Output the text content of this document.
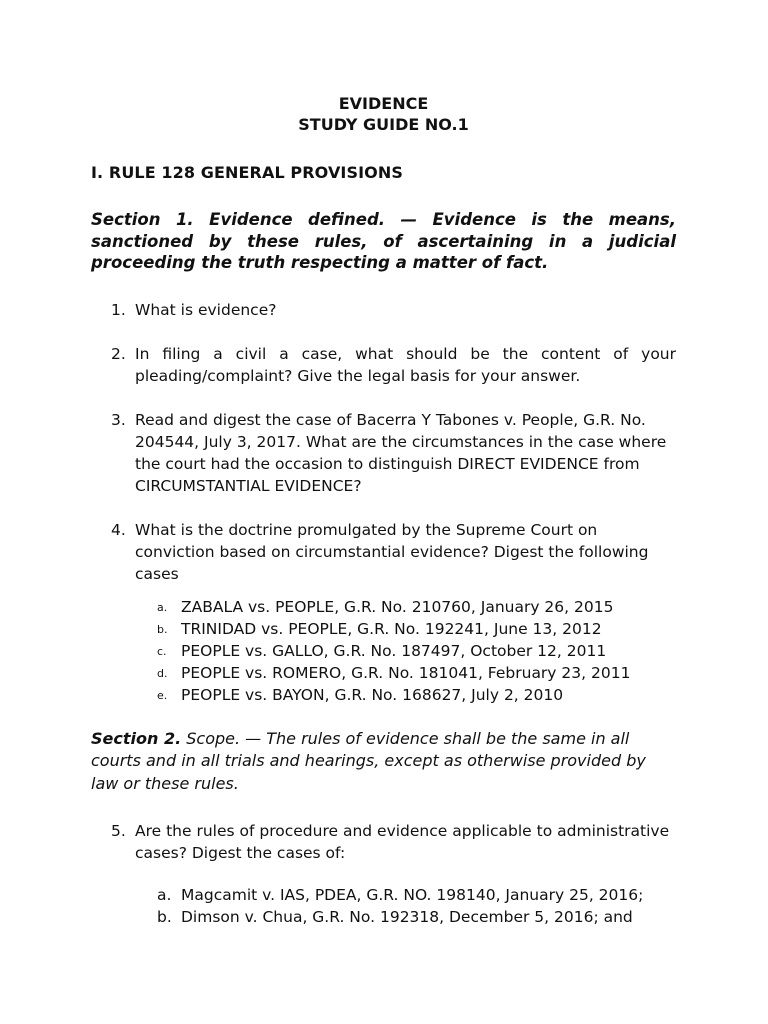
EVIDENCE

STUDY GUIDE NO.1

I. RULE 128 GENERAL PROVISIONS

Section 1. Evidence defined. — Evidence is the means, sanctioned by these rules, of ascertaining in a judicial proceeding the truth respecting a matter of fact.

1. What is evidence?
2. In filing a civil a case, what should be the content of your pleading/complaint? Give the legal basis for your answer.
3. Read and digest the case of Bacerra Y Tabones v. People, G.R. No. 204544, July 3, 2017. What are the circumstances in the case where the court had the occasion to distinguish DIRECT EVIDENCE from CIRCUMSTANTIAL EVIDENCE?
4. What is the doctrine promulgated by the Supreme Court on conviction based on circumstantial evidence? Digest the following cases
a. ZABALA vs. PEOPLE, G.R. No. 210760, January 26, 2015
b. TRINIDAD vs. PEOPLE, G.R. No. 192241, June 13, 2012
c. PEOPLE vs. GALLO, G.R. No. 187497, October 12, 2011
d. PEOPLE vs. ROMERO, G.R. No. 181041, February 23, 2011
e. PEOPLE vs. BAYON, G.R. No. 168627, July 2, 2010

Section 2. Scope. — The rules of evidence shall be the same in all courts and in all trials and hearings, except as otherwise provided by law or these rules.

5. Are the rules of procedure and evidence applicable to administrative cases? Digest the cases of:
a. Magcamit v. IAS, PDEA, G.R. NO. 198140, January 25, 2016;
b. Dimson v. Chua, G.R. No. 192318, December 5, 2016; and
